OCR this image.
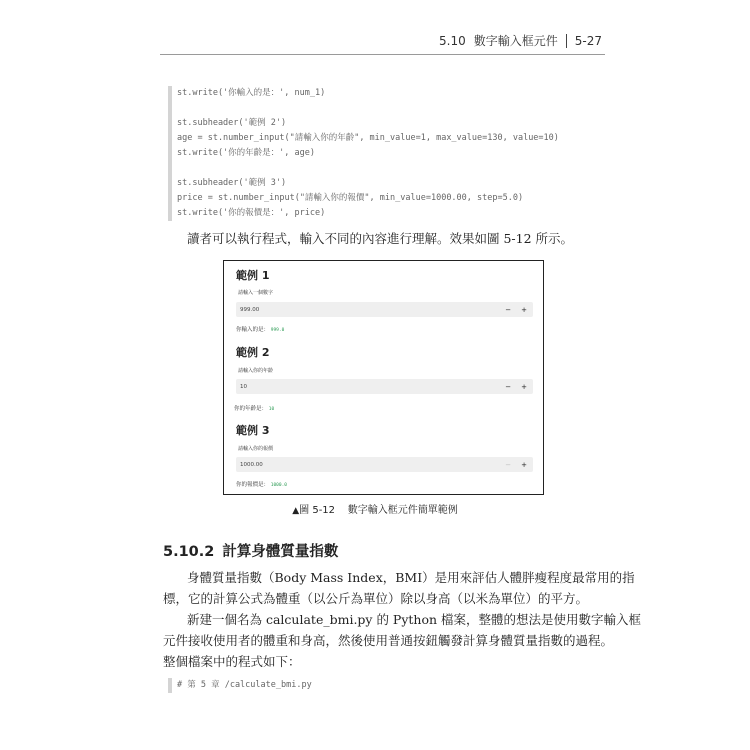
5.10 數字輸入框元件 5-27
st.write('你輸入的是：', num_1)
st.subheader('範例 2')
age = st.number_input("請輸入你的年齡", min_value=1, max_value=130, value=10)
st.write('你的年齡是：', age)
st.subheader('範例 3')
price = st.number_input("請輸入你的報價", min_value=1000.00, step=5.0)
st.write('你的報價是：', price)
讀者可以執行程式，輸入不同的內容進行理解。效果如圖 5-12 所示。
範例 1
請輸入一個數字
999.00	− +
你輸入的是： 999.0
範例 2
請輸入你的年齡
10	− +
你的年齡是： 10
範例 3
請輸入你的報價
1000.00	− +
你的報價是： 1000.0
▲圖 5-12 數字輸入框元件簡單範例
5.10.2 計算身體質量指數
身體質量指數（Body Mass Index，BMI）是用來評估人體胖瘦程度最常用的指
標，它的計算公式為體重（以公斤為單位）除以身高（以米為單位）的平方。
新建一個名為 calculate_bmi.py 的 Python 檔案，整體的想法是使用數字輸入框
元件接收使用者的體重和身高，然後使用普通按鈕觸發計算身體質量指數的過程。
整個檔案中的程式如下：
# 第 5 章 /calculate_bmi.py
